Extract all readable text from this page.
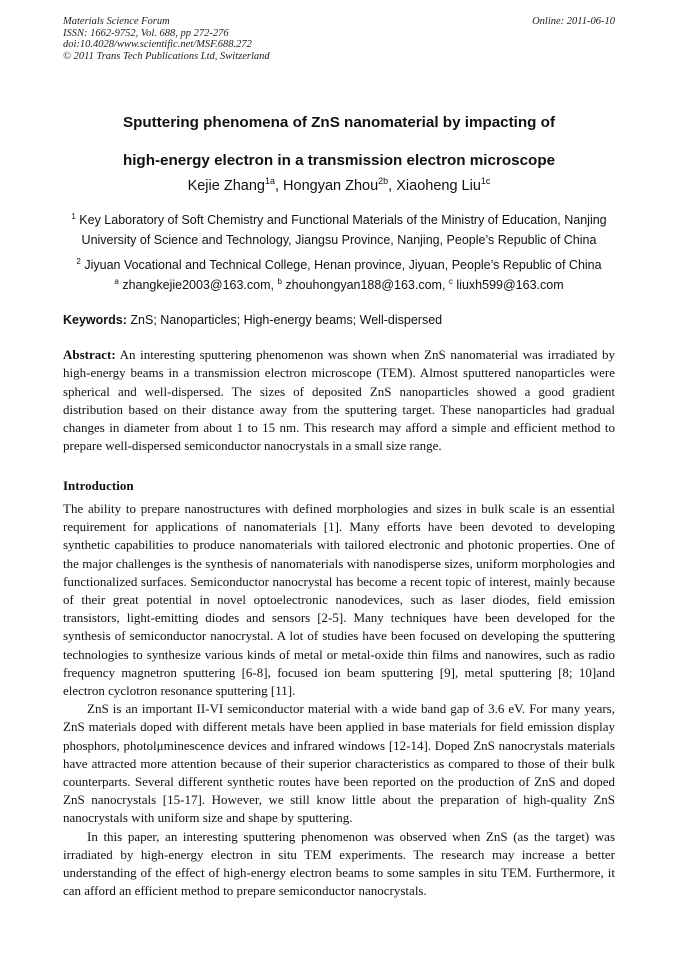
Materials Science Forum
ISSN: 1662-9752, Vol. 688, pp 272-276
doi:10.4028/www.scientific.net/MSF.688.272
© 2011 Trans Tech Publications Ltd, Switzerland
Online: 2011-06-10
Sputtering phenomena of ZnS nanomaterial by impacting of
high-energy electron in a transmission electron microscope
Kejie Zhang$^{1a}$, Hongyan Zhou$^{2b}$, Xiaoheng Liu$^{1c}$
$^1$ Key Laboratory of Soft Chemistry and Functional Materials of the Ministry of Education, Nanjing University of Science and Technology, Jiangsu Province, Nanjing, People’s Republic of China
$^2$ Jiyuan Vocational and Technical College, Henan province, Jiyuan, People’s Republic of China
$^a$ zhangkejie2003@163.com, $^b$ zhouhongyan188@163.com, $^c$ liuxh599@163.com
Keywords: ZnS; Nanoparticles; High-energy beams; Well-dispersed
Abstract: An interesting sputtering phenomenon was shown when ZnS nanomaterial was irradiated by high-energy beams in a transmission electron microscope (TEM). Almost sputtered nanoparticles were spherical and well-dispersed. The sizes of deposited ZnS nanoparticles showed a good gradient distribution based on their distance away from the sputtering target. These nanoparticles had gradual changes in diameter from about 1 to 15 nm. This research may afford a simple and efficient method to prepare well-dispersed semiconductor nanocrystals in a small size range.
Introduction

The ability to prepare nanostructures with defined morphologies and sizes in bulk scale is an essential requirement for applications of nanomaterials [1]. Many efforts have been devoted to developing synthetic capabilities to produce nanomaterials with tailored electronic and photonic properties. One of the major challenges is the synthesis of nanomaterials with nanodisperse sizes, uniform morphologies and functionalized surfaces. Semiconductor nanocrystal has become a recent topic of interest, mainly because of their great potential in novel optoelectronic nanodevices, such as laser diodes, field emission transistors, light-emitting diodes and sensors [2-5]. Many techniques have been developed for the synthesis of semiconductor nanocrystal. A lot of studies have been focused on developing the sputtering technologies to synthesize various kinds of metal or metal-oxide thin films and nanowires, such as radio frequency magnetron sputtering [6-8], focused ion beam sputtering [9], metal sputtering [8; 10]and electron cyclotron resonance sputtering [11].

ZnS is an important II-VI semiconductor material with a wide band gap of 3.6 eV. For many years, ZnS materials doped with different metals have been applied in base materials for field emission display phosphors, photolμminescence devices and infrared windows [12-14]. Doped ZnS nanocrystals materials have attracted more attention because of their superior characteristics as compared to those of their bulk counterparts. Several different synthetic routes have been reported on the production of ZnS and doped ZnS nanocrystals [15-17]. However, we still know little about the preparation of high-quality ZnS nanocrystals with uniform size and shape by sputtering.

In this paper, an interesting sputtering phenomenon was observed when ZnS (as the target) was irradiated by high-energy electron in situ TEM experiments. The research may increase a better understanding of the effect of high-energy electron beams to some samples in situ TEM. Furthermore, it can afford an efficient method to prepare semiconductor nanocrystals.
